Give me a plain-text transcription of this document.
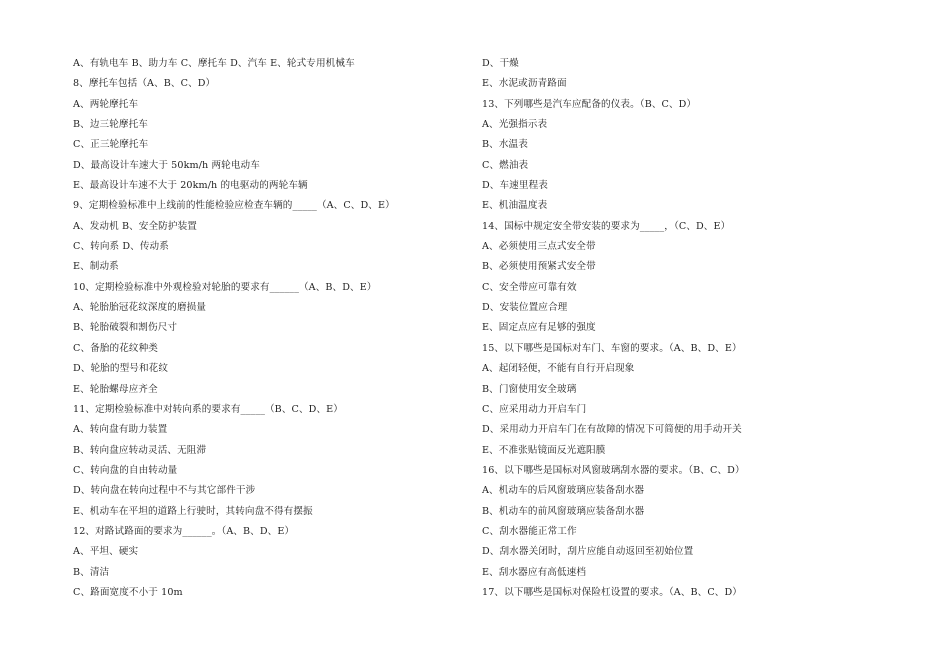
A、有轨电车 B、助力车 C、摩托车 D、汽车 E、轮式专用机械车
8、摩托车包括（A、B、C、D）
A、两轮摩托车
B、边三轮摩托车
C、正三轮摩托车
D、最高设计车速大于 50km/h 两轮电动车
E、最高设计车速不大于 20km/h 的电驱动的两轮车辆
9、定期检验标准中上线前的性能检验应检查车辆的_____（A、C、D、E）
A、发动机 B、安全防护装置
C、转向系 D、传动系
E、制动系
10、定期检验标准中外观检验对轮胎的要求有______（A、B、D、E）
A、轮胎胎冠花纹深度的磨损量
B、轮胎破裂和割伤尺寸
C、备胎的花纹种类
D、轮胎的型号和花纹
E、轮胎螺母应齐全
11、定期检验标准中对转向系的要求有_____（B、C、D、E）
A、转向盘有助力装置
B、转向盘应转动灵活、无阻滞
C、转向盘的自由转动量
D、转向盘在转向过程中不与其它部件干涉
E、机动车在平坦的道路上行驶时，其转向盘不得有摆振
12、对路试路面的要求为______。（A、B、D、E）
A、平坦、硬实
B、清洁
C、路面宽度不小于 10m
D、干燥
E、水泥或沥青路面
13、下列哪些是汽车应配备的仪表。（B、C、D）
A、光强指示表
B、水温表
C、燃油表
D、车速里程表
E、机油温度表
14、国标中规定安全带安装的要求为_____，（C、D、E）
A、必须使用三点式安全带
B、必须使用预紧式安全带
C、安全带应可靠有效
D、安装位置应合理
E、固定点应有足够的强度
15、以下哪些是国标对车门、车窗的要求。（A、B、D、E）
A、起闭轻便，不能有自行开启现象
B、门窗使用安全玻璃
C、应采用动力开启车门
D、采用动力开启车门在有故障的情况下可简便的用手动开关
E、不准张贴镜面反光遮阳膜
16、以下哪些是国标对风窗玻璃刮水器的要求。（B、C、D）
A、机动车的后风窗玻璃应装备刮水器
B、机动车的前风窗玻璃应装备刮水器
C、刮水器能正常工作
D、刮水器关闭时，刮片应能自动返回至初始位置
E、刮水器应有高低速档
17、以下哪些是国标对保险杠设置的要求。（A、B、C、D）
